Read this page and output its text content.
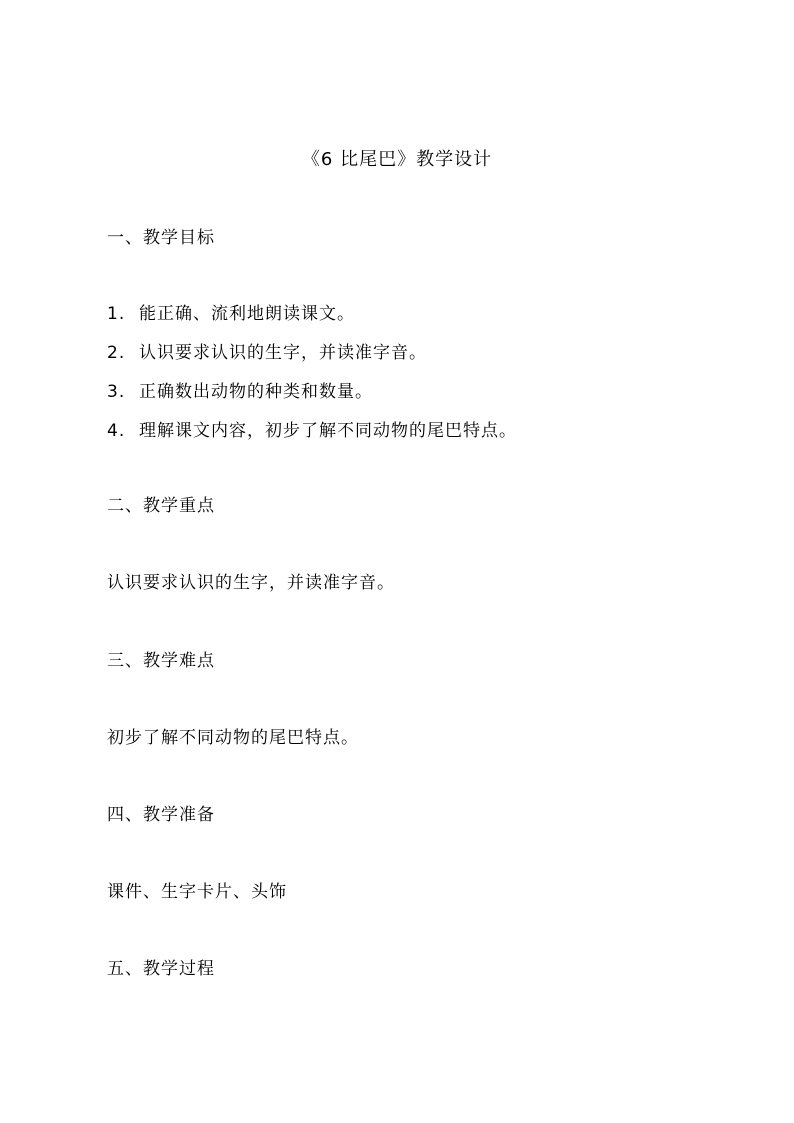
《6 比尾巴》教学设计
一、教学目标
1. 能正确、流利地朗读课文。
2. 认识要求认识的生字，并读准字音。
3. 正确数出动物的种类和数量。
4. 理解课文内容，初步了解不同动物的尾巴特点。
二、教学重点
认识要求认识的生字，并读准字音。
三、教学难点
初步了解不同动物的尾巴特点。
四、教学准备
课件、生字卡片、头饰
五、教学过程
